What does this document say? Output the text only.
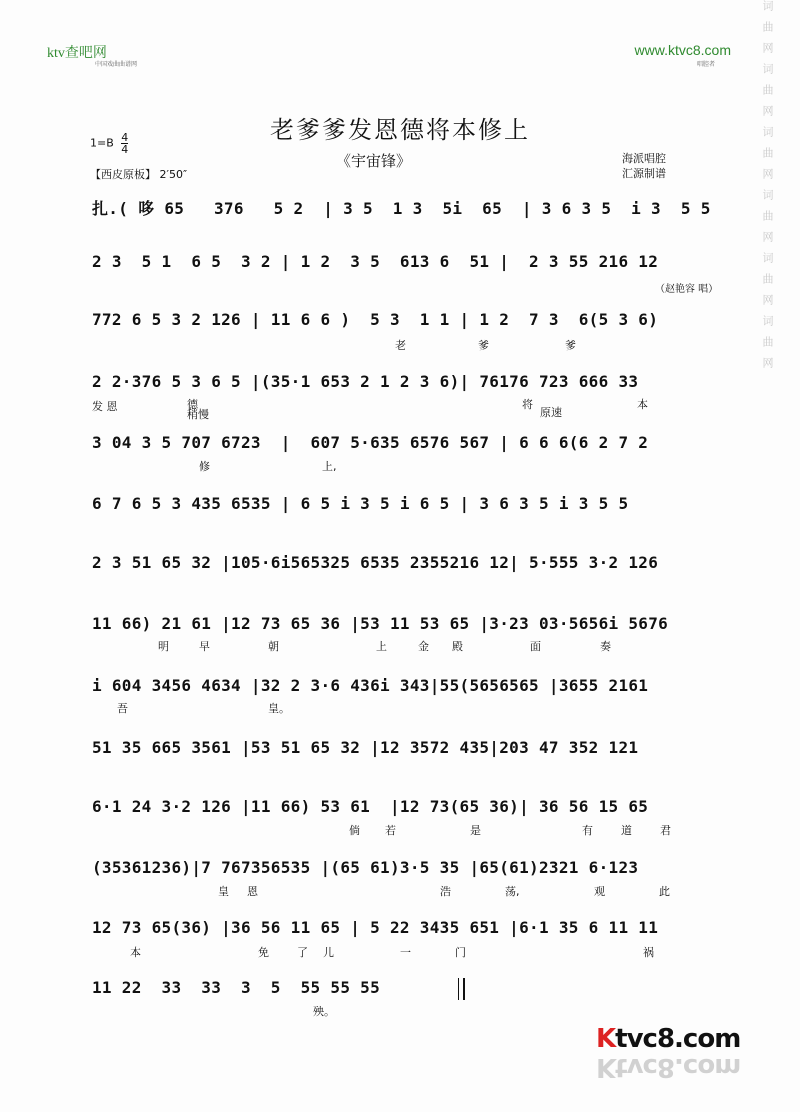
词曲网词曲网词曲网词曲网词曲网词曲网
ktv查吧网
中国戏曲曲谱网
www.ktvc8.com
唱腔者
老爹爹发恩德将本修上
《宇宙锋》
$1=B \frac{4}{4}$
【西皮原板】 2′50″
海派唱腔
汇源制谱
（赵艳容 唱）
扎.( 哆 65   376   5 2  | 3 5  1 3  5i  65  | 3 6 3 5  i 3  5 5
2 3  5 1  6 5  3 2 | 1 2  3 5  613 6  51 |  2 3 55 216 12
772 6 5 3 2 126 | 11 6 6 )  5 3  1 1 | 1 2  7 3  6(5 3 6)
老	爹	爹
2 2·376 5 3 6 5 |(35·1 653 2 1 2 3 6)| 76176 723 666 33
发 恩	德
稍慢
将
原速
本
3 04 3 5 707 6723  |  607 5·635 6576 567 | 6 6 6(6 2 7 2
修	上,
6 7 6 5 3 435 6535 | 6 5 i 3 5 i 6 5 | 3 6 3 5 i 3 5 5
2 3 51 65 32 |105·6i565325 6535 2355216 12| 5·555 3·2 126
11 66) 21 61 |12 73 65 36 |53 11 53 65 |3·23 03·5656i 5676
明	早	朝	上	金 殿	面	奏
i 604 3456 4634 |32 2 3·6 436i 343|55(5656565 |3655 2161
吾	皇。
51 35 665 3561 |53 51 65 32 |12 3572 435|203 47 352 121
6·1 24 3·2 126 |11 66) 53 61  |12 73(65 36)| 36 56 15 65
倘 若	是	有	道	君
(35361236)|7 767356535 |(65 61)3·5 35 |65(61)2321 6·123
皇 恩	浩	荡,	观	此
12 73 65(36) |36 56 11 65 | 5 22 3435 651 |6·1 35 6 11 11
本	免	了 儿	一	门	祸
11 22  33  33  3  5  55 55 55
殃。
Ktvc8.com
Ktvc8.com
